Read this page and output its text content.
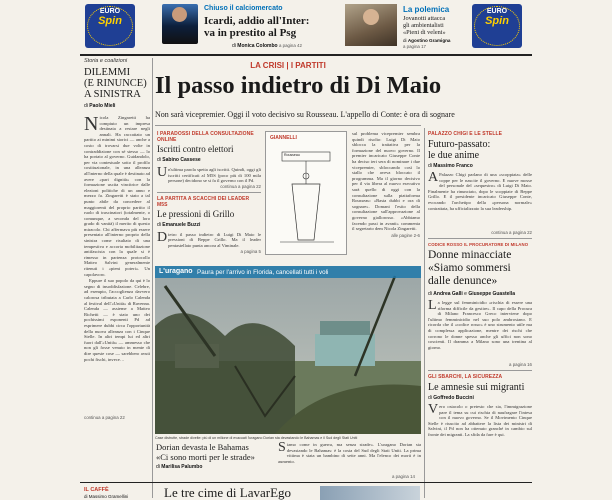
EURO
Spin
Chiuso il calciomercato
Icardi, addio all'Inter:
va in prestito al Psg
di Monica Colombo a pagina 42
La polemica
Jovanotti attacca
gli ambientalisti
«Pieni di veleni»
di Agostino Gramigna
a pagina 17
EURO
Spin
Storia e coalizioni
DILEMMI
(E RINUNCE)
A SINISTRA
di Paolo Mieli
Nicola Zingaretti ha compiuto un impresa destinata a restare negli annali. Ha raccattato un partito ai minimi storici — anche a costo di trovarsi due volte in contraddizione con sé stesso — lo ha portato al governo. Guidandolo, per via contestuale sotto il profilo costituzionale, in una alleanza all'interno della quale è destinato ad avere «pari dignità» con la formazione uscita vincitrice dalle elezioni politiche di un anno e mezzo fa. Zingaretti è stato a tal punto abile da concedere al maggiorenti del proprio partito il ruolo di trascinatori (totalmente, o comunque, a seconda del loro grado di vanità) il merito di questo miracolo. Chi affermava più essere presentato all'interno proprio della sinistra come risultato di una tempestiva e accorta mobilitazione antifascista con la quale si è rimesso in partenza protocollo Matteo Salvini generalmente ritenuti i «pieni poteri». Un capolavoro.
Eppure il suo popolo da qui è lo segno di insoddisfazione. Celebre, ad esempio, l'accoglienza davvero calorosa tributata a Carlo Calenda al festival dell'«Unità» di Ravenna. Calenda — assieme a Matteo Richetti — è stato uno dei pochissimi esponenti Pd ad esprimere dubbi circa l'opportunità della nuova alleanza con i Cinque Stelle. In altri tempi lui ed altri fuori dall'«Unità» — ammesso che non gli fosse venuto in mente di dire queste cose — sarebbero avuti pochi fischi, invece…
continua a pagina 22
LA CRISI | I PARTITI
Il passo indietro di Di Maio
Non sarà vicepremier. Oggi il voto decisivo su Rousseau. L'appello di Conte: è ora di sognare
I PARADOSSI DELLA CONSULTAZIONE ONLINE
Iscritti contro elettori
di Sabino Cassese
Un'ultima parola spetta agli iscritti. Quindi, oggi gli iscritti certificati al M5S (poco più di 100 mila persone) decidono se si fa il governo con il Pd.
continua a pagina 22
LA PARTITA A SCACCHI DEI LEADER M5S
Le pressioni di Grillo
di Emanuele Buzzi
Dietro il passo indietro di Luigi Di Maio le pressioni di Beppe Grillo. Ma il leader pentastellato punta ancora al Viminale.
a pagina 5
GIANNELLI
Rousseau
sul problema vicepremier sembra quindi risolto: Luigi Di Maio sblocca la trattativa per la formazione del nuovo governo. Il premier incaricato Giuseppe Conte ha deciso ieri sera di nominare i due vicepremier, sbloccando così lo stallo che aveva bloccato il programma. Ma il giorno decisivo per il via libera al nuovo esecutivo sarà quello di oggi con la consultazione sulla piattaforma Rousseau: «Basta dubbi e ora di sognare». Domani l'esito della consultazione sull'approvazione al governo giallorosso. «Abbiamo facendo passi in avanti» commenta il segretario dem Nicola Zingaretti.
alle pagine 2-6
PALAZZO CHIGI E LE STELLE
Futuro-passato:
le due anime
di Massimo Franco
A Palazzo Chigi parlano di una «scoppiata» delle coppe per le nascite il governo. E nuove mosse del personale del «sequestro» di Luigi Di Maio. Finalmente ha rinunciato, dopo le scoppiate di Beppe Grillo. E il presidente incaricato Giuseppe Conte, evocando l'archetipo della «persona normale» contrattata, ha ufficializzato la sua leadership.
continua a pagina 22
CODICE ROSSO IL PROCURATORE DI MILANO
Donne minacciate
«Siamo sommersi
dalle denunce»
di Andrea Galli e Giuseppe Guastella
La legge sul femminicidio «rischia di essere una riforma difficile da gestire». Il capo della Procura di Milano Francesco Greco interviene dopo l'ultimo femminicidio nel suo polo ambrosiano. E ricorda che il «codice rosso» è uno strumento utile ma di complessa applicazione, mentre dei rischi che corrono le donne spesso anche gli uffici non sono coscienti. Il dramma a Milano sono una trentina al giorno.
a pagina 16
GLI SBARCHI, LA SICUREZZA
Le amnesie sui migranti
di Goffredo Buccini
Vero ostacolo o pretesto che sia, l'immigrazione pare il tema su cui rischia di naufragare l'intesa con il nuovo governo. Se il Movimento Cinque Stelle è riuscito ad abbattere la lista dei ministri di Salvini, il Pd non ha ottenuto granché in cambio sul fronte dei migranti. La sfida da fare è qui.
L'uragano Paura per l'arrivo in Florida, cancellati tutti i voli
Case distrutte, strade divelte: più di un milione di evacuati l'uragano Dorian sta devastando le Bahamas e il Sud degli Stati Uniti
Dorian devasta le Bahamas
«Ci sono morti per le strade»
di Marilisa Palumbo
Siamo come in guerra, ma senza strade». L'uragano Dorian sta devastando le Bahamas: è la costa del Sud degli Stati Uniti. La prima vittima è stata un bambino di sette anni. Ma l'elenco dei morti è in aumento.
a pagina 14
IL CAFFÈ
di Massimo Gramellini	Le tre cime di LavarEgo
